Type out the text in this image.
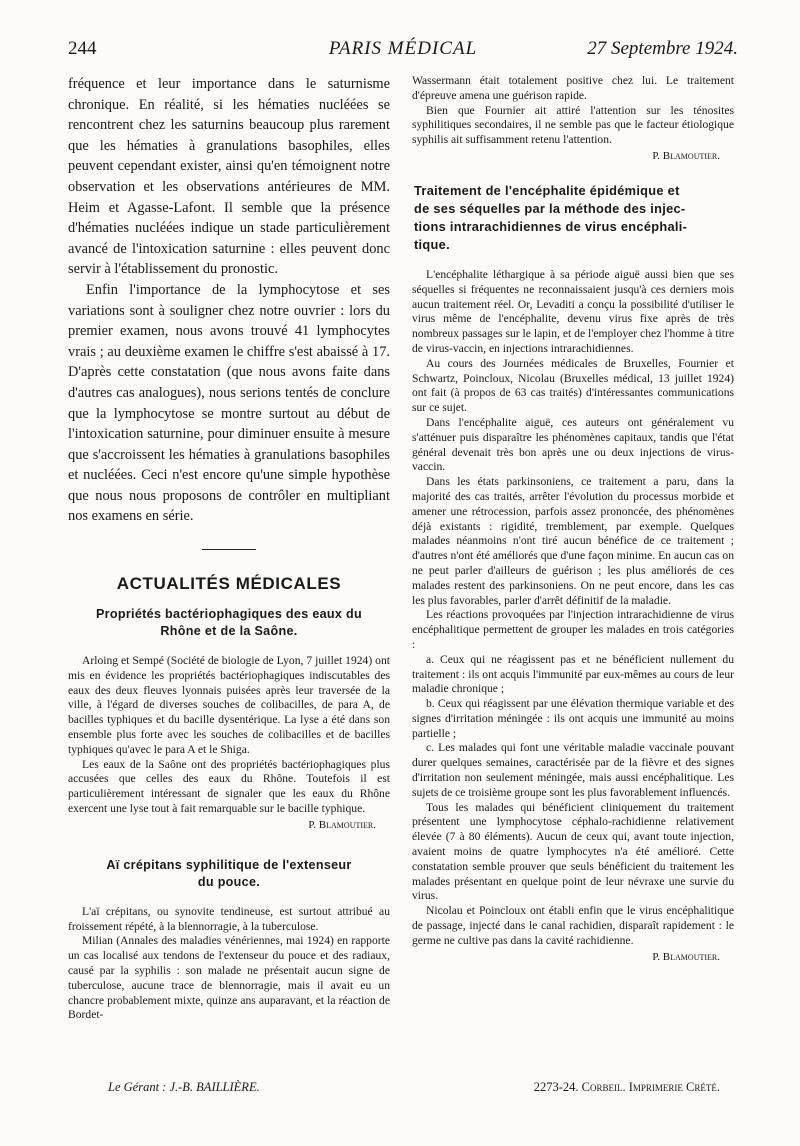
244	PARIS MÉDICAL	27 Septembre 1924.

fréquence et leur importance dans le saturnisme chronique. En réalité, si les hématies nucléées se rencontrent chez les saturnins beaucoup plus rarement que les hématies à granulations basophiles, elles peuvent cependant exister, ainsi qu'en témoignent notre observation et les observations antérieures de MM. Heim et Agasse-Lafont. Il semble que la présence d'hématies nucléées indique un stade particulièrement avancé de l'intoxication saturnine : elles peuvent donc servir à l'établissement du pronostic.

Enfin l'importance de la lymphocytose et ses variations sont à souligner chez notre ouvrier : lors du premier examen, nous avons trouvé 41 lymphocytes vrais ; au deuxième examen le chiffre s'est abaissé à 17. D'après cette constatation (que nous avons faite dans d'autres cas analogues), nous serions tentés de conclure que la lymphocytose se montre surtout au début de l'intoxication saturnine, pour diminuer ensuite à mesure que s'accroissent les hématies à granulations basophiles et nucléées. Ceci n'est encore qu'une simple hypothèse que nous nous proposons de contrôler en multipliant nos examens en série.

ACTUALITÉS MÉDICALES

Propriétés bactériophagiques des eaux du
Rhône et de la Saône.

Arloing et Sempé (Société de biologie de Lyon, 7 juillet 1924) ont mis en évidence les propriétés bactériophagiques indiscutables des eaux des deux fleuves lyonnais puisées après leur traversée de la ville, à l'égard de diverses souches de colibacilles, de para A, de bacilles typhiques et du bacille dysentérique. La lyse a été dans son ensemble plus forte avec les souches de colibacilles et de bacilles typhiques qu'avec le para A et le Shiga.

Les eaux de la Saône ont des propriétés bactériophagiques plus accusées que celles des eaux du Rhône. Toutefois il est particulièrement intéressant de signaler que les eaux du Rhône exercent une lyse tout à fait remarquable sur le bacille typhique.

P. Blamoutier.

Aï crépitans syphilitique de l'extenseur
du pouce.

L'aï crépitans, ou synovite tendineuse, est surtout attribué au froissement répété, à la blennorragie, à la tuberculose.

Milian (Annales des maladies vénériennes, mai 1924) en rapporte un cas localisé aux tendons de l'extenseur du pouce et des radiaux, causé par la syphilis : son malade ne présentait aucun signe de tuberculose, aucune trace de blennorragie, mais il avait eu un chancre probablement mixte, quinze ans auparavant, et la réaction de Bordet-

Wassermann était totalement positive chez lui. Le traitement d'épreuve amena une guérison rapide.

Bien que Fournier ait attiré l'attention sur les ténosites syphilitiques secondaires, il ne semble pas que le facteur étiologique syphilis ait suffisamment retenu l'attention.

P. Blamoutier.

Traitement de l'encéphalite épidémique et
de ses séquelles par la méthode des injec-
tions intrarachidiennes de virus encéphali-
tique.

L'encéphalite léthargique à sa période aiguë aussi bien que ses séquelles si fréquentes ne reconnaissaient jusqu'à ces derniers mois aucun traitement réel. Or, Levaditi a conçu la possibilité d'utiliser le virus même de l'encéphalite, devenu virus fixe après de très nombreux passages sur le lapin, et de l'employer chez l'homme à titre de virus-vaccin, en injections intrarachidiennes.

Au cours des Journées médicales de Bruxelles, Fournier et Schwartz, Poincloux, Nicolau (Bruxelles médical, 13 juillet 1924) ont fait (à propos de 63 cas traités) d'intéressantes communications sur ce sujet.

Dans l'encéphalite aiguë, ces auteurs ont généralement vu s'atténuer puis disparaître les phénomènes capitaux, tandis que l'état général devenait très bon après une ou deux injections de virus-vaccin.

Dans les états parkinsoniens, ce traitement a paru, dans la majorité des cas traités, arrêter l'évolution du processus morbide et amener une rétrocession, parfois assez prononcée, des phénomènes déjà existants : rigidité, tremblement, par exemple. Quelques malades néanmoins n'ont tiré aucun bénéfice de ce traitement ; d'autres n'ont été améliorés que d'une façon minime. En aucun cas on ne peut parler d'ailleurs de guérison ; les plus améliorés de ces malades restent des parkinsoniens. On ne peut encore, dans les cas les plus favorables, parler d'arrêt définitif de la maladie.

Les réactions provoquées par l'injection intrarachidienne de virus encéphalitique permettent de grouper les malades en trois catégories :

a. Ceux qui ne réagissent pas et ne bénéficient nullement du traitement : ils ont acquis l'immunité par eux-mêmes au cours de leur maladie chronique ;

b. Ceux qui réagissent par une élévation thermique variable et des signes d'irritation méningée : ils ont acquis une immunité au moins partielle ;

c. Les malades qui font une véritable maladie vaccinale pouvant durer quelques semaines, caractérisée par de la fièvre et des signes d'irritation non seulement méningée, mais aussi encéphalitique. Les sujets de ce troisième groupe sont les plus favorablement influencés.

Tous les malades qui bénéficient cliniquement du traitement présentent une lymphocytose céphalo-rachidienne relativement élevée (7 à 80 éléments). Aucun de ceux qui, avant toute injection, avaient moins de quatre lymphocytes n'a été amélioré. Cette constatation semble prouver que seuls bénéficient du traitement les malades présentant en quelque point de leur névraxe une survie du virus.

Nicolau et Poincloux ont établi enfin que le virus encéphalitique de passage, injecté dans le canal rachidien, disparaît rapidement : le germe ne cultive pas dans la cavité rachidienne.

P. Blamoutier.

Le Gérant : J.-B. BAILLIÈRE.	2273-24. Corbeil. Imprimerie Crété.
